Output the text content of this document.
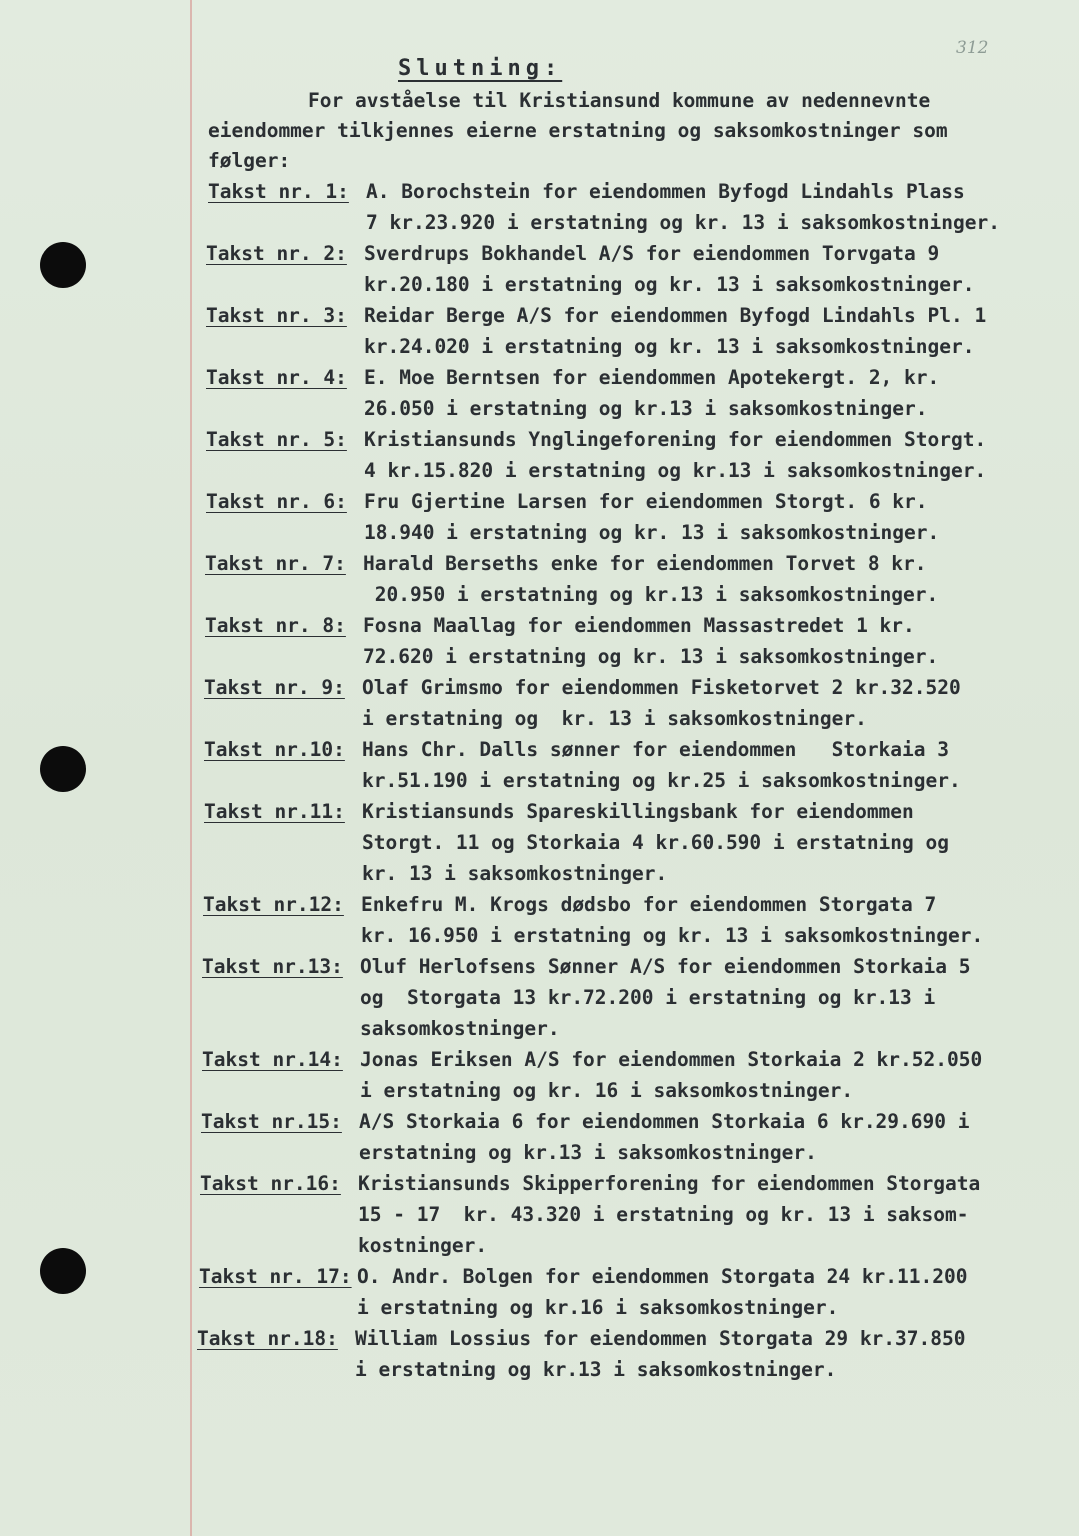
312
Slutning:
For avståelse til Kristiansund kommune av nedennevnte
eiendommer tilkjennes eierne erstatning og saksomkostninger som
følger:
Takst nr. 1: A. Borochstein for eiendommen Byfogd Lindahls Plass
7 kr.23.920 i erstatning og kr. 13 i saksomkostninger.
Takst nr. 2: Sverdrups Bokhandel A/S for eiendommen Torvgata 9
kr.20.180 i erstatning og kr. 13 i saksomkostninger.
Takst nr. 3: Reidar Berge A/S for eiendommen Byfogd Lindahls Pl. 1
kr.24.020 i erstatning og kr. 13 i saksomkostninger.
Takst nr. 4: E. Moe Berntsen for eiendommen Apotekergt. 2, kr.
26.050 i erstatning og kr.13 i saksomkostninger.
Takst nr. 5: Kristiansunds Ynglingeforening for eiendommen Storgt.
4 kr.15.820 i erstatning og kr.13 i saksomkostninger.
Takst nr. 6: Fru Gjertine Larsen for eiendommen Storgt. 6 kr.
18.940 i erstatning og kr. 13 i saksomkostninger.
Takst nr. 7: Harald Berseths enke for eiendommen Torvet 8 kr.
20.950 i erstatning og kr.13 i saksomkostninger.
Takst nr. 8: Fosna Maallag for eiendommen Massastredet 1 kr.
72.620 i erstatning og kr. 13 i saksomkostninger.
Takst nr. 9: Olaf Grimsmo for eiendommen Fisketorvet 2 kr.32.520
i erstatning og  kr. 13 i saksomkostninger.
Takst nr.10: Hans Chr. Dalls sønner for eiendommen   Storkaia 3
kr.51.190 i erstatning og kr.25 i saksomkostninger.
Takst nr.11: Kristiansunds Spareskillingsbank for eiendommen
Storgt. 11 og Storkaia 4 kr.60.590 i erstatning og
kr. 13 i saksomkostninger.
Takst nr.12: Enkefru M. Krogs dødsbo for eiendommen Storgata 7
kr. 16.950 i erstatning og kr. 13 i saksomkostninger.
Takst nr.13: Oluf Herlofsens Sønner A/S for eiendommen Storkaia 5
og  Storgata 13 kr.72.200 i erstatning og kr.13 i
saksomkostninger.
Takst nr.14: Jonas Eriksen A/S for eiendommen Storkaia 2 kr.52.050
i erstatning og kr. 16 i saksomkostninger.
Takst nr.15: A/S Storkaia 6 for eiendommen Storkaia 6 kr.29.690 i
erstatning og kr.13 i saksomkostninger.
Takst nr.16: Kristiansunds Skipperforening for eiendommen Storgata
15 - 17  kr. 43.320 i erstatning og kr. 13 i saksom-
kostninger.
Takst nr. 17: O. Andr. Bolgen for eiendommen Storgata 24 kr.11.200
i erstatning og kr.16 i saksomkostninger.
Takst nr.18: William Lossius for eiendommen Storgata 29 kr.37.850
i erstatning og kr.13 i saksomkostninger.
